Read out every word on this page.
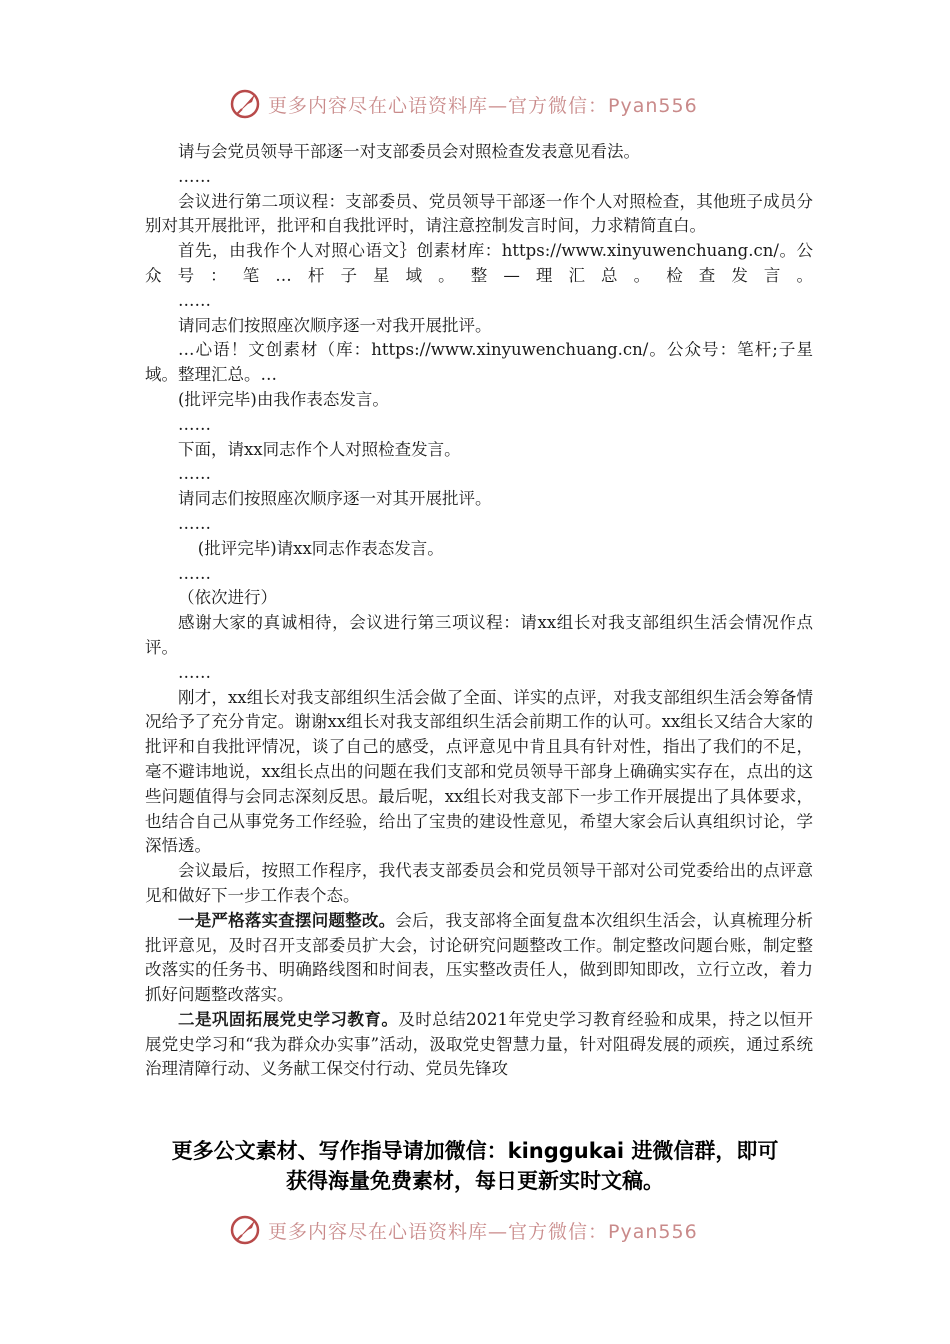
更多内容尽在心语资料库—官方微信：Pyan556

请与会党员领导干部逐一对支部委员会对照检查发表意见看法。

……

会议进行第二项议程：支部委员、党员领导干部逐一作个人对照检查，其他班子成员分别对其开展批评，批评和自我批评时，请注意控制发言时间，力求精简直白。

首先，由我作个人对照心语文｝创素材库：https://www.xinyuwenchuang.cn/。公众号：笔…杆子星域。整—理汇总。检查发言。

……

请同志们按照座次顺序逐一对我开展批评。

…心语！文创素材（库：https://www.xinyuwenchuang.cn/。公众号：笔杆;子星域。整理汇总。…

(批评完毕)由我作表态发言。

……

下面，请xx同志作个人对照检查发言。

……

请同志们按照座次顺序逐一对其开展批评。

……

(批评完毕)请xx同志作表态发言。

……

（依次进行）

感谢大家的真诚相待，会议进行第三项议程：请xx组长对我支部组织生活会情况作点评。

……

刚才，xx组长对我支部组织生活会做了全面、详实的点评，对我支部组织生活会筹备情况给予了充分肯定。谢谢xx组长对我支部组织生活会前期工作的认可。xx组长又结合大家的批评和自我批评情况，谈了自己的感受，点评意见中肯且具有针对性，指出了我们的不足，毫不避讳地说，xx组长点出的问题在我们支部和党员领导干部身上确确实实存在，点出的这些问题值得与会同志深刻反思。最后呢，xx组长对我支部下一步工作开展提出了具体要求，也结合自己从事党务工作经验，给出了宝贵的建设性意见，希望大家会后认真组织讨论，学深悟透。

会议最后，按照工作程序，我代表支部委员会和党员领导干部对公司党委给出的点评意见和做好下一步工作表个态。

一是严格落实查摆问题整改。会后，我支部将全面复盘本次组织生活会，认真梳理分析批评意见，及时召开支部委员扩大会，讨论研究问题整改工作。制定整改问题台账，制定整改落实的任务书、明确路线图和时间表，压实整改责任人，做到即知即改，立行立改，着力抓好问题整改落实。

二是巩固拓展党史学习教育。及时总结2021年党史学习教育经验和成果，持之以恒开展党史学习和“我为群众办实事”活动，汲取党史智慧力量，针对阻碍发展的顽疾，通过系统治理清障行动、义务献工保交付行动、党员先锋攻

更多公文素材、写作指导请加微信：kinggukai 进微信群，即可
获得海量免费素材，每日更新实时文稿。
更多内容尽在心语资料库—官方微信：Pyan556
